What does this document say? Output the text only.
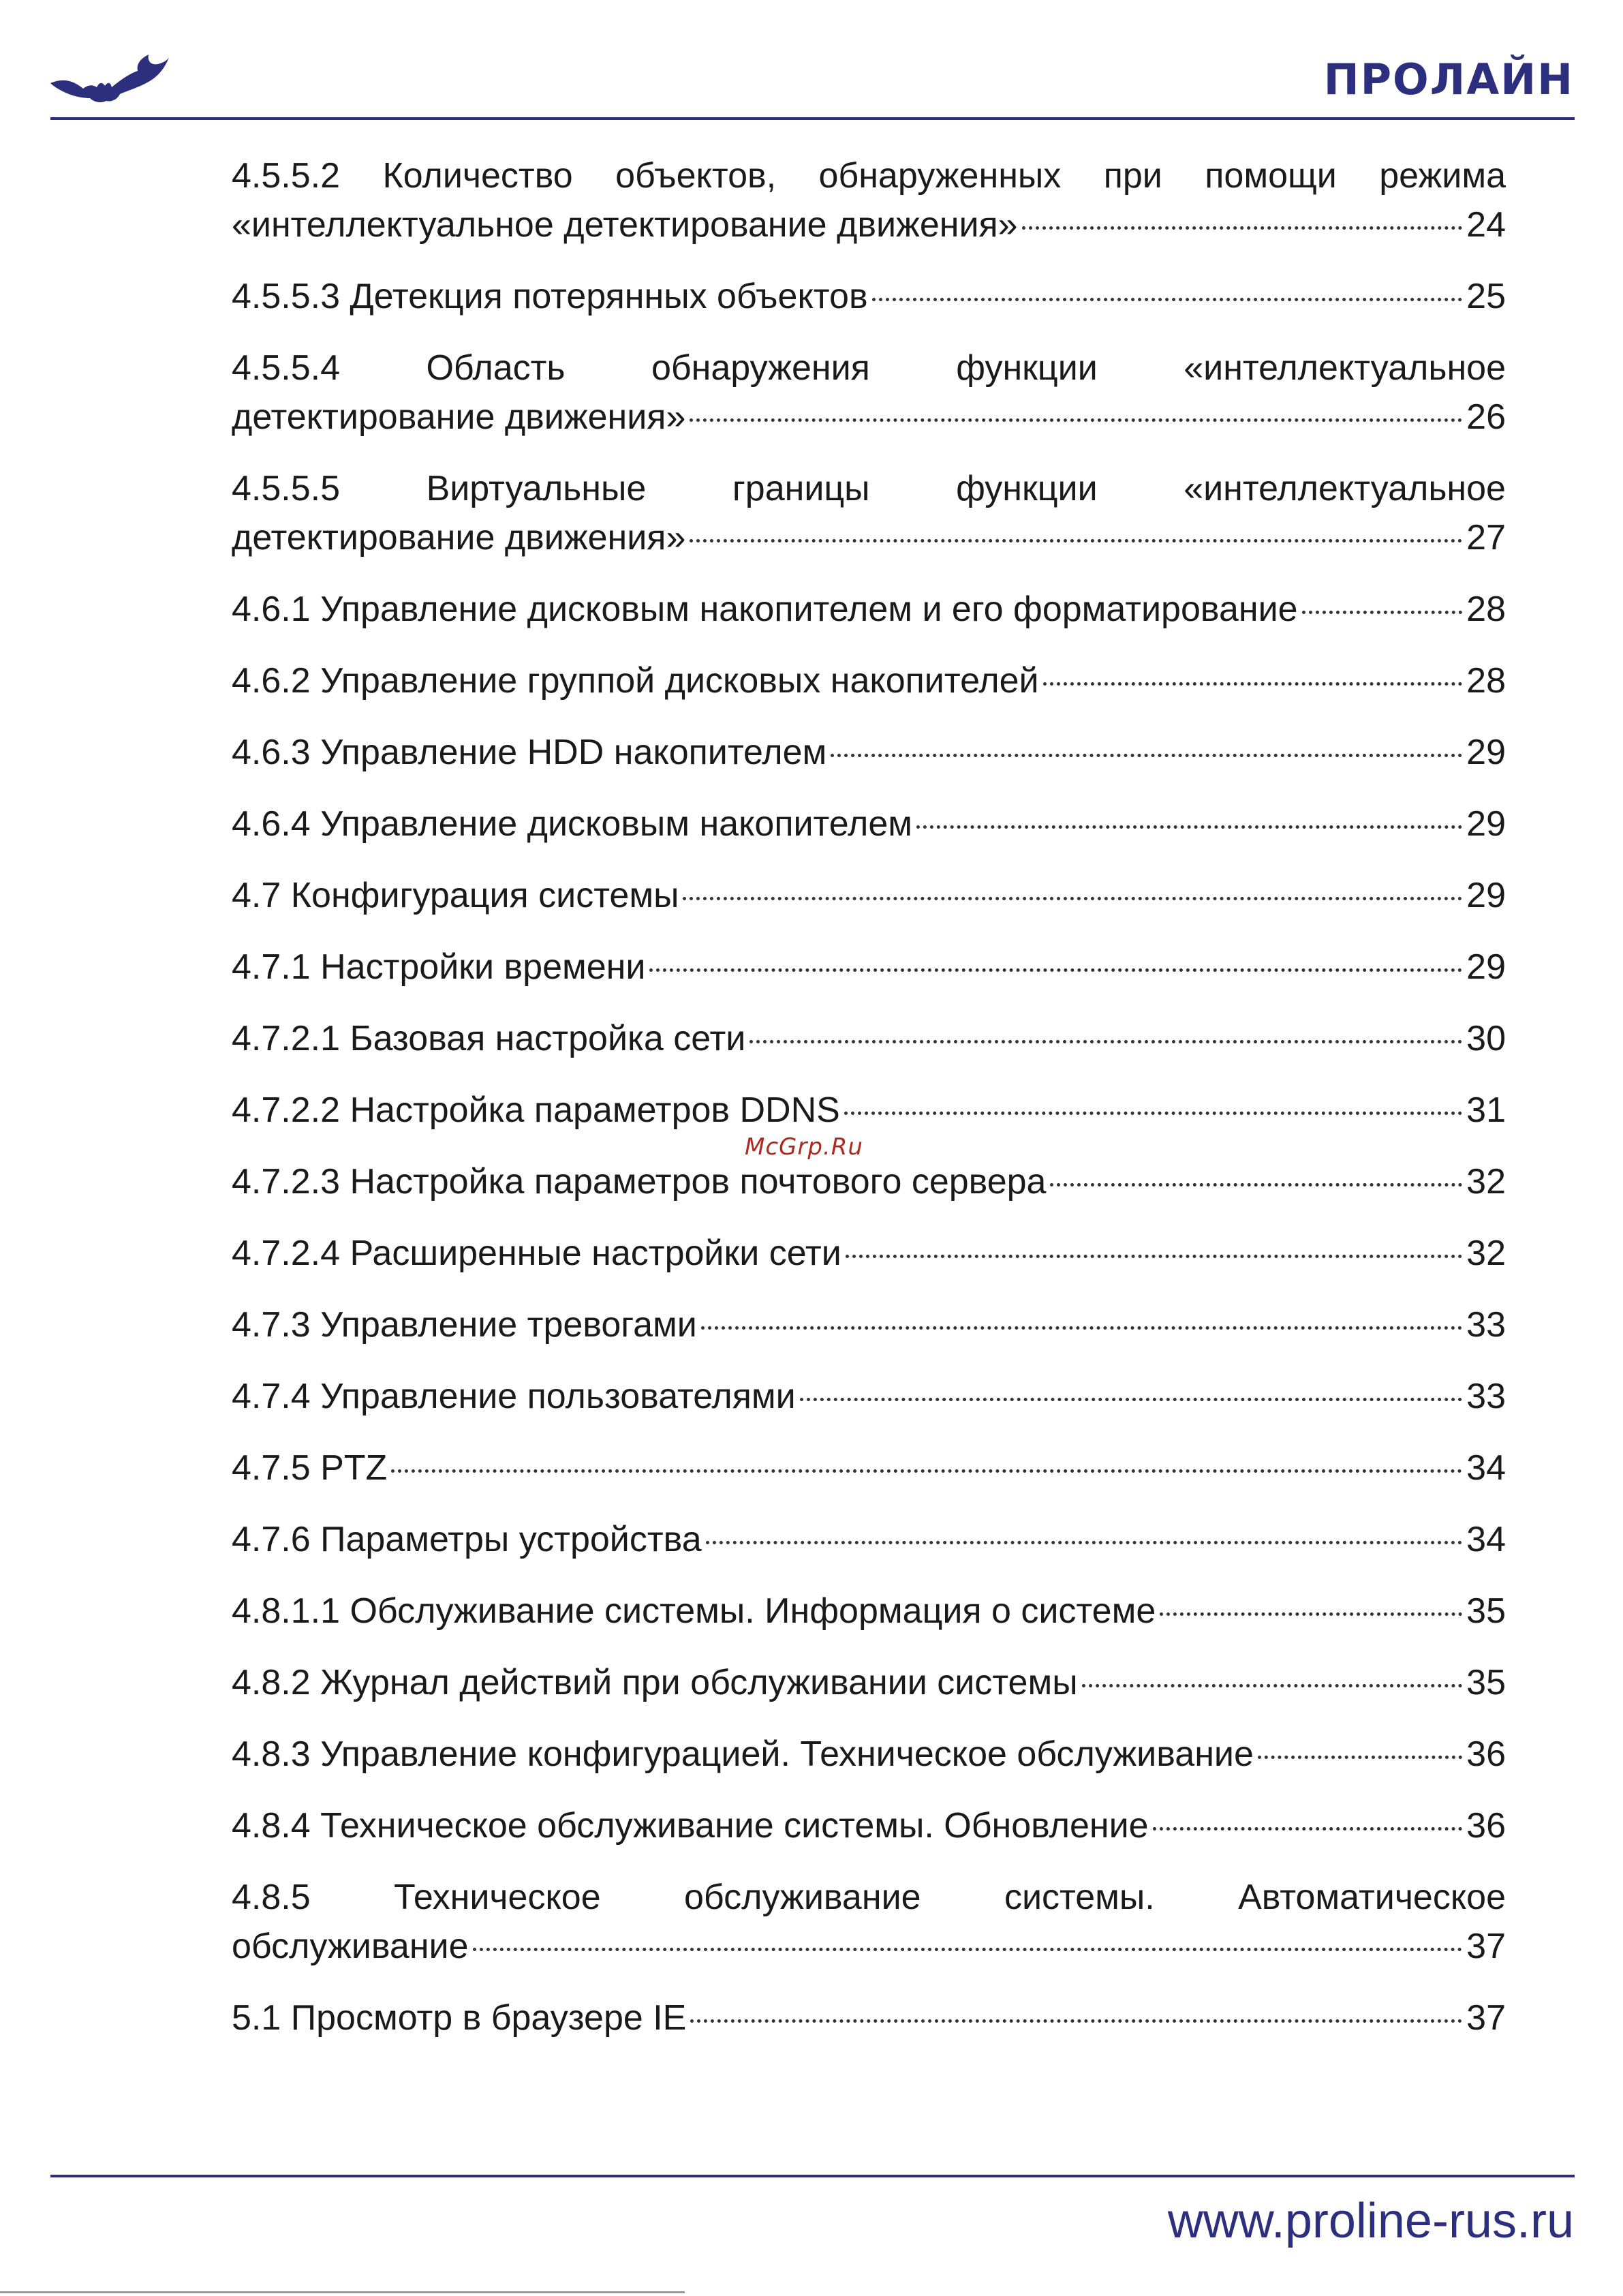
ПРОЛАЙН
4.5.5.2 Количество объектов, обнаруженных при помощи режима
«интеллектуальное детектирование движения»	24
4.5.5.3 Детекция потерянных объектов	25
4.5.5.4 Область обнаружения функции «интеллектуальное
детектирование движения»	26
4.5.5.5 Виртуальные границы функции «интеллектуальное
детектирование движения»	27
4.6.1 Управление дисковым накопителем и его форматирование	28
4.6.2 Управление группой дисковых накопителей	28
4.6.3 Управление HDD накопителем	29
4.6.4 Управление дисковым накопителем	29
4.7 Конфигурация системы	29
4.7.1 Настройки времени	29
4.7.2.1 Базовая настройка сети	30
4.7.2.2 Настройка параметров DDNS	31
4.7.2.3 Настройка параметров почтового сервера	32
4.7.2.4 Расширенные настройки сети	32
4.7.3 Управление тревогами	33
4.7.4 Управление пользователями	33
4.7.5 PTZ	34
4.7.6 Параметры устройства	34
4.8.1.1 Обслуживание системы. Информация о системе	35
4.8.2 Журнал действий при обслуживании системы	35
4.8.3 Управление конфигурацией. Техническое обслуживание	36
4.8.4 Техническое обслуживание системы. Обновление	36
4.8.5 Техническое обслуживание системы. Автоматическое
обслуживание	37
5.1 Просмотр в браузере IE	37
McGrp.Ru
www.proline-rus.ru
